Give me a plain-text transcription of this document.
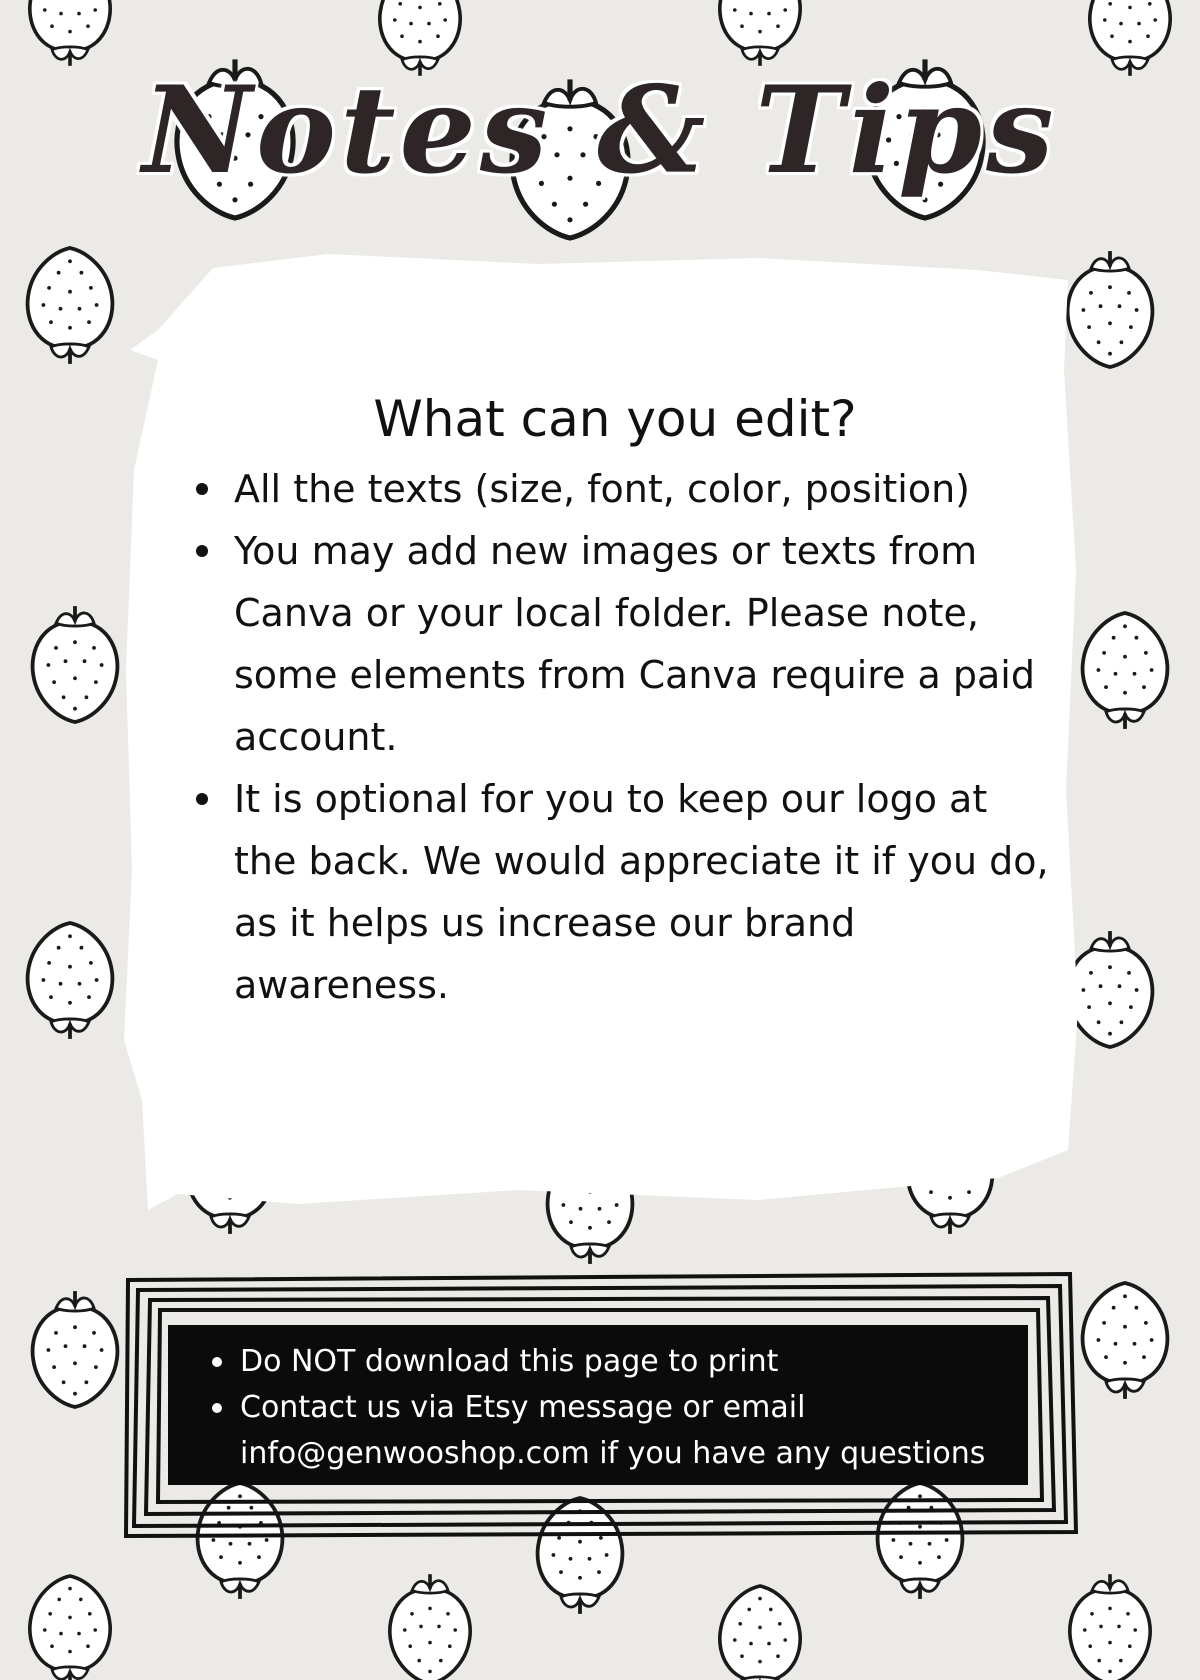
Notes & Tips
What can you edit?
All the texts (size, font, color, position)
You may add new images or texts from Canva or your local folder. Please note, some elements from Canva require a paid account.
It is optional for you to keep our logo at the back. We would appreciate it if you do, as it helps us increase our brand awareness.
Do NOT download this page to print
Contact us via Etsy message or email info@genwooshop.com if you have any questions
